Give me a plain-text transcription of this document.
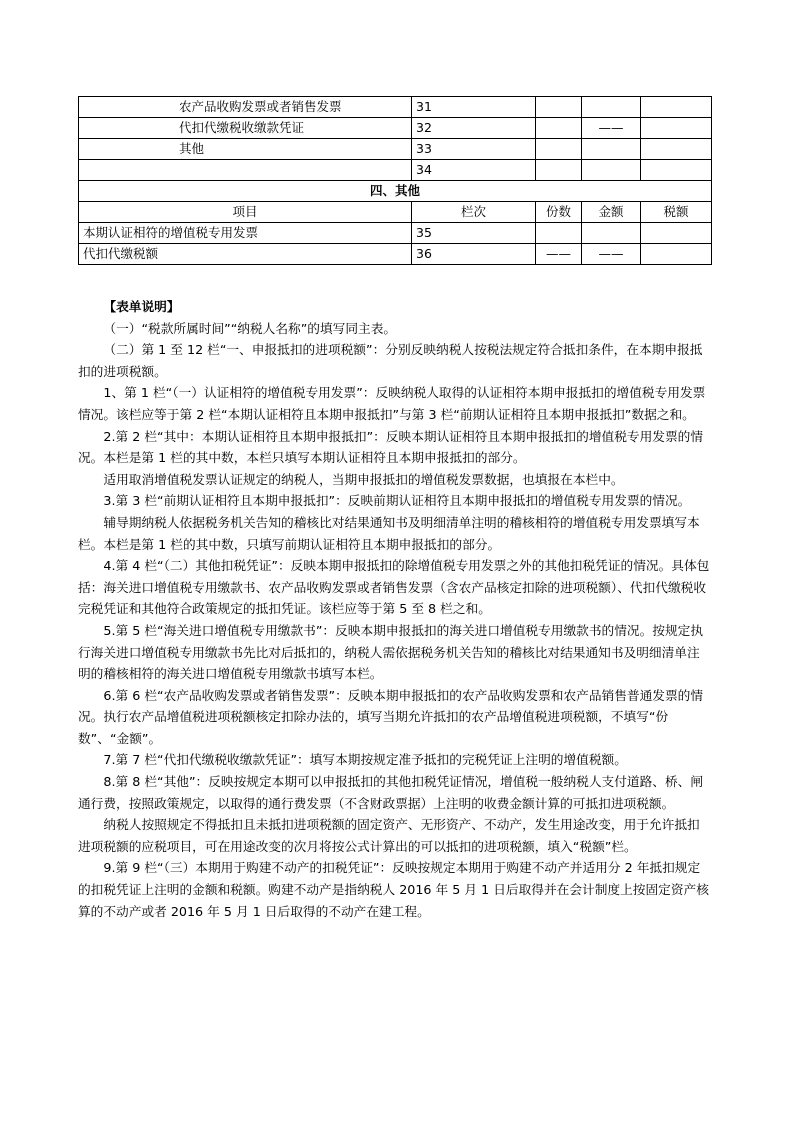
农产品收购发票或者销售发票	31			
代扣代缴税收缴款凭证	32		——	
其他	33			
	34			
四、其他				
项目	栏次	份数	金额	税额
本期认证相符的增值税专用发票	35			
代扣代缴税额	36	——	——	

【表单说明】

（一）“税款所属时间”“纳税人名称”的填写同主表。

（二）第 1 至 12 栏“一、申报抵扣的进项税额”：分别反映纳税人按税法规定符合抵扣条件，在本期申报抵扣的进项税额。

1、第 1 栏“（一）认证相符的增值税专用发票”：反映纳税人取得的认证相符本期申报抵扣的增值税专用发票情况。该栏应等于第 2 栏“本期认证相符且本期申报抵扣”与第 3 栏“前期认证相符且本期申报抵扣”数据之和。

2.第 2 栏“其中：本期认证相符且本期申报抵扣”：反映本期认证相符且本期申报抵扣的增值税专用发票的情况。本栏是第 1 栏的其中数，本栏只填写本期认证相符且本期申报抵扣的部分。

适用取消增值税发票认证规定的纳税人，当期申报抵扣的增值税发票数据，也填报在本栏中。

3.第 3 栏“前期认证相符且本期申报抵扣”：反映前期认证相符且本期申报抵扣的增值税专用发票的情况。

辅导期纳税人依据税务机关告知的稽核比对结果通知书及明细清单注明的稽核相符的增值税专用发票填写本栏。本栏是第 1 栏的其中数，只填写前期认证相符且本期申报抵扣的部分。

4.第 4 栏“（二）其他扣税凭证”：反映本期申报抵扣的除增值税专用发票之外的其他扣税凭证的情况。具体包括：海关进口增值税专用缴款书、农产品收购发票或者销售发票（含农产品核定扣除的进项税额）、代扣代缴税收完税凭证和其他符合政策规定的抵扣凭证。该栏应等于第 5 至 8 栏之和。

5.第 5 栏“海关进口增值税专用缴款书”：反映本期申报抵扣的海关进口增值税专用缴款书的情况。按规定执行海关进口增值税专用缴款书先比对后抵扣的，纳税人需依据税务机关告知的稽核比对结果通知书及明细清单注明的稽核相符的海关进口增值税专用缴款书填写本栏。

6.第 6 栏“农产品收购发票或者销售发票”：反映本期申报抵扣的农产品收购发票和农产品销售普通发票的情况。执行农产品增值税进项税额核定扣除办法的，填写当期允许抵扣的农产品增值税进项税额，不填写“份数”、“金额”。

7.第 7 栏“代扣代缴税收缴款凭证”：填写本期按规定准予抵扣的完税凭证上注明的增值税额。

8.第 8 栏“其他”：反映按规定本期可以申报抵扣的其他扣税凭证情况，增值税一般纳税人支付道路、桥、闸通行费，按照政策规定，以取得的通行费发票（不含财政票据）上注明的收费金额计算的可抵扣进项税额。

纳税人按照规定不得抵扣且未抵扣进项税额的固定资产、无形资产、不动产，发生用途改变，用于允许抵扣进项税额的应税项目，可在用途改变的次月将按公式计算出的可以抵扣的进项税额，填入“税额”栏。

9.第 9 栏“（三）本期用于购建不动产的扣税凭证”：反映按规定本期用于购建不动产并适用分 2 年抵扣规定的扣税凭证上注明的金额和税额。购建不动产是指纳税人 2016 年 5 月 1 日后取得并在会计制度上按固定资产核算的不动产或者 2016 年 5 月 1 日后取得的不动产在建工程。
